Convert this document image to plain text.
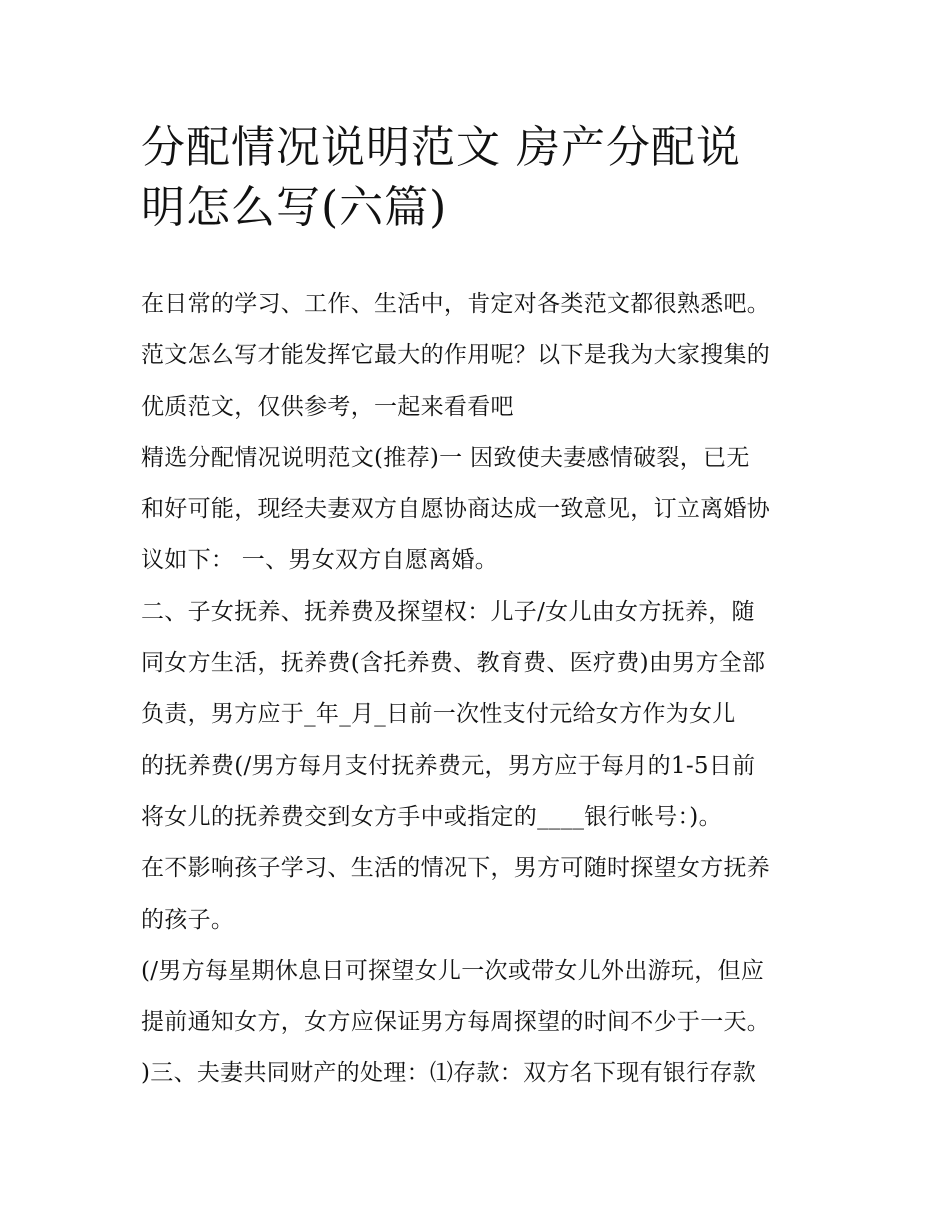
分配情况说明范文 房产分配说
明怎么写(六篇)
在日常的学习、工作、生活中，肯定对各类范文都很熟悉吧。
范文怎么写才能发挥它最大的作用呢？以下是我为大家搜集的
优质范文，仅供参考，一起来看看吧
精选分配情况说明范文(推荐)一 因致使夫妻感情破裂，已无
和好可能，现经夫妻双方自愿协商达成一致意见，订立离婚协
议如下： 一、男女双方自愿离婚。
二、子女抚养、抚养费及探望权：儿子/女儿由女方抚养，随
同女方生活，抚养费(含托养费、教育费、医疗费)由男方全部
负责，男方应于_年_月_日前一次性支付元给女方作为女儿
的抚养费(/男方每月支付抚养费元，男方应于每月的1-5日前
将女儿的抚养费交到女方手中或指定的____银行帐号：)。
在不影响孩子学习、生活的情况下，男方可随时探望女方抚养
的孩子。
(/男方每星期休息日可探望女儿一次或带女儿外出游玩，但应
提前通知女方，女方应保证男方每周探望的时间不少于一天。
)三、夫妻共同财产的处理：⑴存款：双方名下现有银行存款
